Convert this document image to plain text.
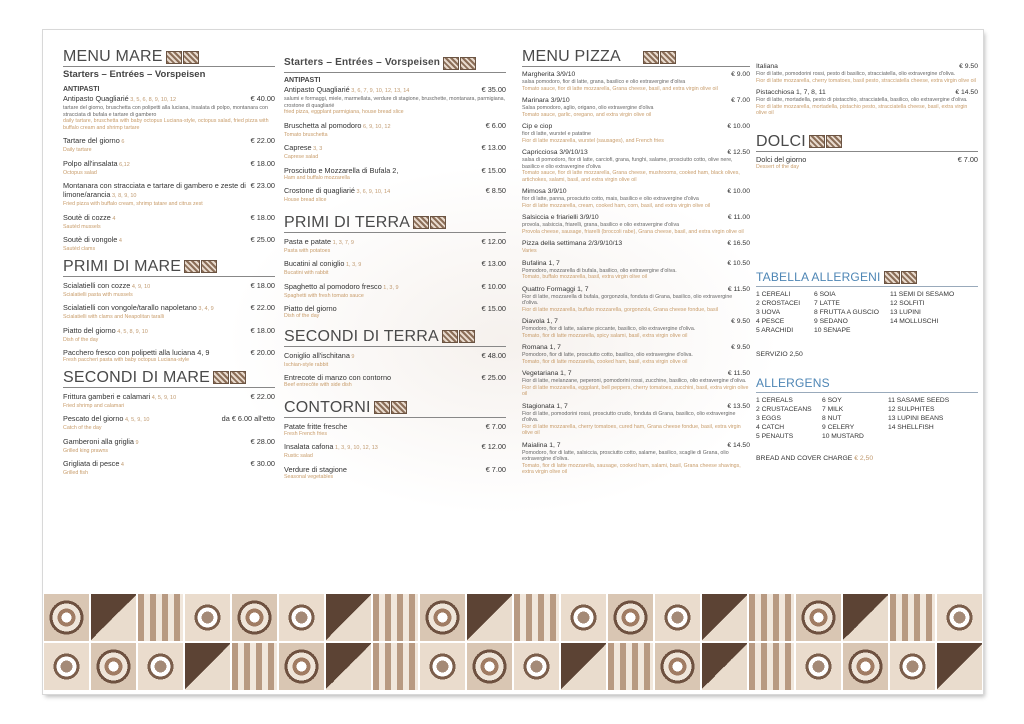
MENU MARE
Starters – Entrées – Vorspeisen
ANTIPASTI
Antipasto Quagliarié 3, 5, 6, 8, 9, 10, 12	€ 40.00
tartare del giorno, bruschetta con polipetti alla luciana, insalata di polpo, montanara con stracciata di bufala e tartare di gambero
daily tartare, bruschetta with baby octopus Luciana-style, octopus salad, fried pizza with buffalo cream and shrimp tartare
Tartare del giorno 6	€ 22.00
Daily tartare
Polpo all'insalata 6,12	€ 18.00
Octopus salad
Montanara con stracciata e tartare di gambero e zeste di limone/arancia 3, 8, 9, 10
€ 23.00
Fried pizza with buffalo cream, shrimp tatare and citrus zest
Soutè di cozze 4	€ 18.00
Sautéd mussels
Soutè di vongole 4	€ 25.00
Sautéd clams
PRIMI DI MARE
Scialatielli con cozze 4, 9, 10	€ 18.00
Scialatielli pasta with mussels
Scialatielli con vongole/tarallo napoletano 3, 4, 9	€ 22.00
Scialatielli with clams and Neapolitan taralli
Piatto del giorno 4, 5, 8, 9, 10	€ 18.00
Dish of the day
Paccherо fresco con polipetti alla luciana 4, 9	€ 20.00
Fresh paccheri pasta with baby octopus Luciana-style
SECONDI DI MARE
Frittura gamberi e calamari 4, 5, 9, 10	€ 22.00
Fried shrimp and calamari
Pescato del giorno 4, 5, 9, 10	da € 6.00 all'etto
Catch of the day
Gamberoni alla griglia 9	€ 28.00
Grilled king prawns
Grigliata di pesce 4	€ 30.00
Grilled fish
Starters – Entrées – Vorspeisen
ANTIPASTI
Antipasto Quagliarié 3, 6, 7, 9, 10, 12, 13, 14	€ 35.00
salumi e formaggi, miele, marmellata, verdure di stagione, bruschette, montanara, parmigiana, crostone di quagliarié
fried pizza, eggplant parmigiana, house bread slice
Bruschetta al pomodoro 6, 9, 10, 12	€ 6.00
Tomato bruschetta
Caprese 3, 3	€ 13.00
Caprese salad
Prosciutto e Mozzarella di Bufala 2,	€ 15.00
Ham and buffalo mozzarella
Crostone di quagliarié 3, 6, 9, 10, 14	€ 8.50
House bread slice
PRIMI DI TERRA
Pasta e patate 1, 3, 7, 9	€ 12.00
Pasta with potatoes
Bucatini al coniglio 1, 3, 9	€ 13.00
Bucatini with rabbit
Spaghetto al pomodoro fresco 1, 3, 9	€ 10.00
Spaghetti with fresh tomato sauce
Piatto del giorno	€ 15.00
Dish of the day
SECONDI DI TERRA
Coniglio all'ischitana 9	€ 48.00
Ischian-style rabbit
Entrecote di manzo con contorno	€ 25.00
Beef entrecôte with side dish
CONTORNI
Patate fritte fresche	€ 7.00
Fresh French fries
Insalata cafona 1, 3, 9, 10, 12, 13	€ 12.00
Rustic salad
Verdure di stagione	€ 7.00
Seasonal vegetables
MENU PIZZA
Margherita 3/9/10	€ 9.00
salsa pomodoro, fior di latte, grana, basilico e olio extravergine d'oliva
Tomato sauce, fior di latte mozzarella, Grana cheese, basil, and extra virgin olive oil
Marinara 3/9/10	€ 7.00
Salsa pomodoro, aglio, origano, olio extravergine d'oliva
Tomato sauce, garlic, oregano, and extra virgin olive oil
Cip e ciop	€ 10.00
fior di latte, wurstel e patatine
Fior di latte mozzarella, wurstel (sausages), and French fries
Capricciosa 3/9/10/13	€ 12.50
salsa di pomodoro, fior di latte, carciofi, grana, funghi, salame, prosciutto cotto, olive nere, basilico e olio extravergine d'oliva
Tomato sauce, fior di latte mozzarella, Grana cheese, mushrooms, cooked ham, black olives, artichokes, salami, basil, and extra virgin olive oil
Mimosa 3/9/10	€ 10.00
fior di latte, panna, prosciutto cotto, mais, basilico e olio extravergine d'oliva
Fior di latte mozzarella, cream, cooked ham, corn, basil, and extra virgin olive oil
Salsiccia e friarielli 3/9/10	€ 11.00
provola, salsiccia, friarelli, grana, basilico e olio extravergine d'oliva
Provola cheese, sausage, friarelli (broccoli rabe), Grana cheese, basil, and extra virgin olive oil
Pizza della settimana 2/3/9/10/13	€ 16.50
Varies
Bufalina 1, 7	€ 10.50
Pomodoro, mozzarella di bufala, basilico, olio extravergine d'oliva.
Tomato, buffalo mozzarella, basil, extra virgin olive oil
Quattro Formaggi 1, 7	€ 11.50
Fior di latte, mozzarella di bufala, gorgonzola, fonduta di Grana, basilico, olio extravergine d'oliva.
Fior di latte mozzarella, buffalo mozzarella, gorgonzola, Grana cheese fondue, basil
Diavola 1, 7	€ 9.50
Pomodoro, fior di latte, salame piccante, basilico, olio extravergine d'oliva.
Tomato, fior di latte mozzarella, spicy salami, basil, extra virgin olive oil
Romana 1, 7	€ 9.50
Pomodoro, fior di latte, prosciutto cotto, basilico, olio extravergine d'oliva.
Tomato, fior di latte mozzarella, cooked ham, basil, extra virgin olive oil
Vegetariana 1, 7	€ 11.50
Fior di latte, melanzane, peperoni, pomodorini rossi, zucchine, basilico, olio extravergine d'oliva.
Fior di latte mozzarella, eggplant, bell peppers, cherry tomatoes, zucchini, basil, extra virgin olive oil
Stagionata 1, 7	€ 13.50
Fior di latte, pomodorini rossi, prosciutto crudo, fonduta di Grana, basilico, olio extravergine d'oliva.
Fior di latte mozzarella, cherry tomatoes, cured ham, Grana cheese fondue, basil, extra virgin olive oil
Maialina 1, 7	€ 14.50
Pomodoro, fior di latte, salsiccia, prosciutto cotto, salame, basilico, scaglie di Grana, olio extravergine d'oliva.
Tomato, fior di latte mozzarella, sausage, cooked ham, salami, basil, Grana cheese shavings, extra virgin olive oil
Italiana	€ 9.50
Fior di latte, pomodorini rossi, pesto di basilico, stracciatella, olio extravergine d'oliva.
Fior di latte mozzarella, cherry tomatoes, basil pesto, stracciatella cheese, extra virgin olive oil
Pistacchiosa 1, 7, 8, 11	€ 14.50
Fior di latte, mortadella, pesto di pistacchio, stracciatella, basilico, olio extravergine d'oliva.
Fior di latte mozzarella, mortadella, pistachio pesto, stracciatella cheese, basil, extra virgin olive oil
DOLCI
Dolci del giorno	€ 7.00
Dessert of the day
TABELLA ALLERGENI
1 CEREALI	6 SOIA	11 SEMI DI SESAMO
2 CROSTACEI	7 LATTE	12 SOLFITI
3 UOVA	8 FRUTTA A GUSCIO	13 LUPINI
4 PESCE	9 SEDANO	14 MOLLUSCHI
5 ARACHIDI	10 SENAPE
SERVIZIO 2,50
ALLERGENS
1 CEREALS	6 SOY	11 SASAME SEEDS
2 CRUSTACEANS	7 MILK	12 SULPHITES
3 EGGS	8 NUT	13 LUPINI BEANS
4 CATCH	9 CELERY	14 SHELLFISH
5 PENAUTS	10 MUSTARD
BREAD AND COVER CHARGE € 2,50
